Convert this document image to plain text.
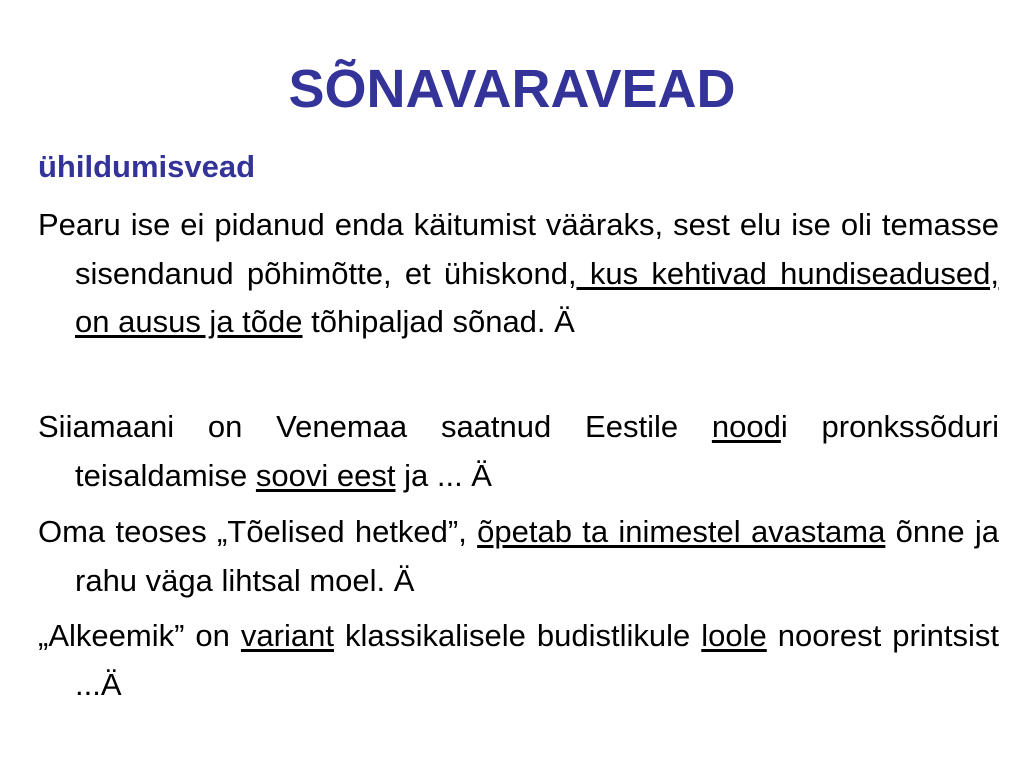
SÕNAVARAVEAD
ühildumisvead

Pearu ise ei pidanud enda käitumist vääraks, sest elu ise oli temasse sisendanud põhimõtte, et ühiskond, kus kehtivad hundiseadused, on ausus ja tõde tõhipaljad sõnad. Ä

Siiamaani on Venemaa saatnud Eestile noodi pronkssõduri teisaldamise soovi eest ja ... Ä

Oma teoses „Tõelised hetked”, õpetab ta inimestel avastama õnne ja rahu väga lihtsal moel. Ä

„Alkeemik” on variant klassikalisele budistlikule loole noorest printsist ...Ä
